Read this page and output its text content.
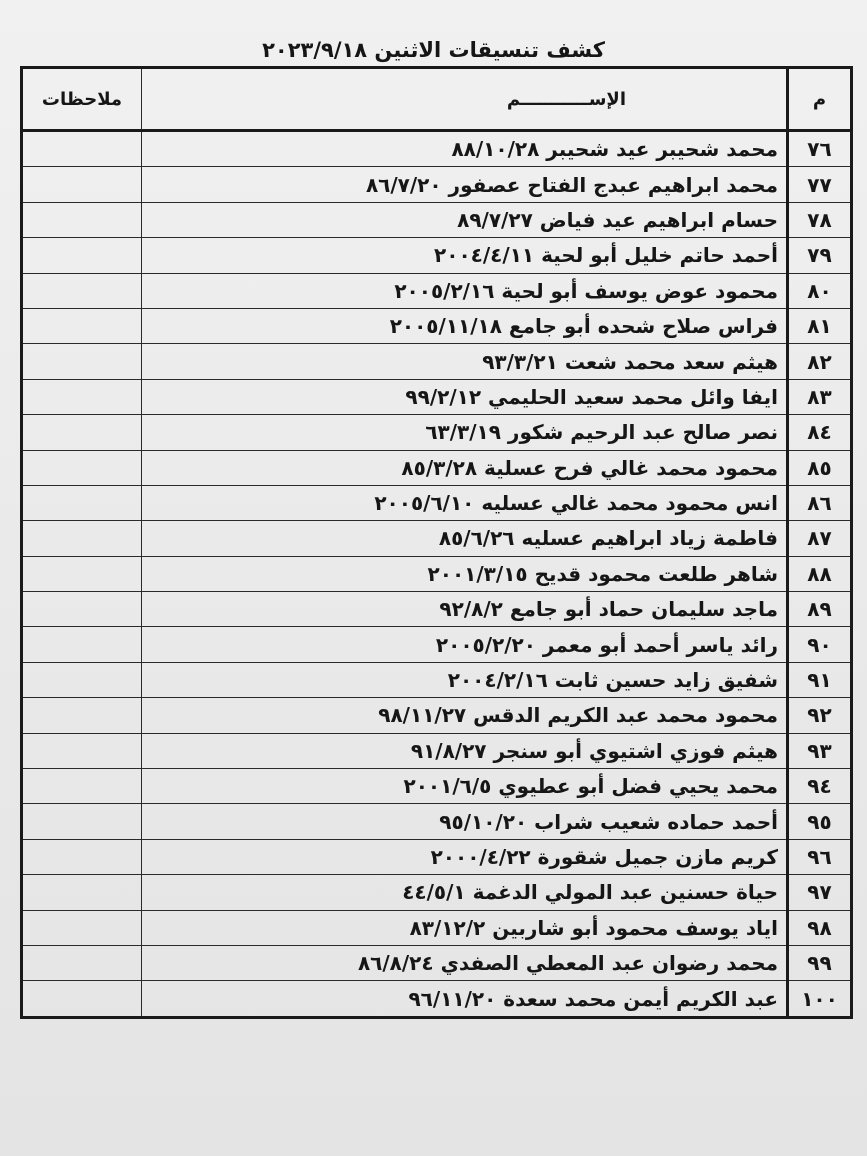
كشف تنسيقات الاثنين ٢٠٢٣/٩/١٨
م	الإســـــــــــم	ملاحظات
٧٦	محمد شحيبر عيد شحيبر ٨٨/١٠/٢٨	
٧٧	محمد ابراهيم عبدج الفتاح عصفور ٨٦/٧/٢٠	
٧٨	حسام ابراهيم عيد فياض ٨٩/٧/٢٧	
٧٩	أحمد حاتم خليل أبو لحية ٢٠٠٤/٤/١١	
٨٠	محمود عوض يوسف أبو لحية ٢٠٠٥/٢/١٦	
٨١	فراس صلاح شحده أبو جامع ٢٠٠٥/١١/١٨	
٨٢	هيثم سعد محمد شعت ٩٣/٣/٢١	
٨٣	ايفا وائل محمد سعيد الحليمي ٩٩/٢/١٢	
٨٤	نصر صالح عبد الرحيم شكور ٦٣/٣/١٩	
٨٥	محمود محمد غالي فرح عسلية ٨٥/٣/٢٨	
٨٦	انس محمود محمد غالي عسليه ٢٠٠٥/٦/١٠	
٨٧	فاطمة زياد ابراهيم عسليه ٨٥/٦/٢٦	
٨٨	شاهر طلعت محمود قديح ٢٠٠١/٣/١٥	
٨٩	ماجد سليمان حماد أبو جامع ٩٢/٨/٢	
٩٠	رائد ياسر أحمد أبو معمر ٢٠٠٥/٢/٢٠	
٩١	شفيق زايد حسين ثابت ٢٠٠٤/٢/١٦	
٩٢	محمود محمد عبد الكريم الدقس ٩٨/١١/٢٧	
٩٣	هيثم فوزي اشتيوي أبو سنجر ٩١/٨/٢٧	
٩٤	محمد يحيي فضل أبو عطيوي ٢٠٠١/٦/٥	
٩٥	أحمد حماده شعيب شراب ٩٥/١٠/٢٠	
٩٦	كريم مازن جميل شقورة ٢٠٠٠/٤/٢٢	
٩٧	حياة حسنين عبد المولي الدغمة ٤٤/٥/١	
٩٨	اياد يوسف محمود أبو شاربين ٨٣/١٢/٢	
٩٩	محمد رضوان عبد المعطي الصفدي ٨٦/٨/٢٤	
١٠٠	عبد الكريم أيمن محمد سعدة ٩٦/١١/٢٠	
